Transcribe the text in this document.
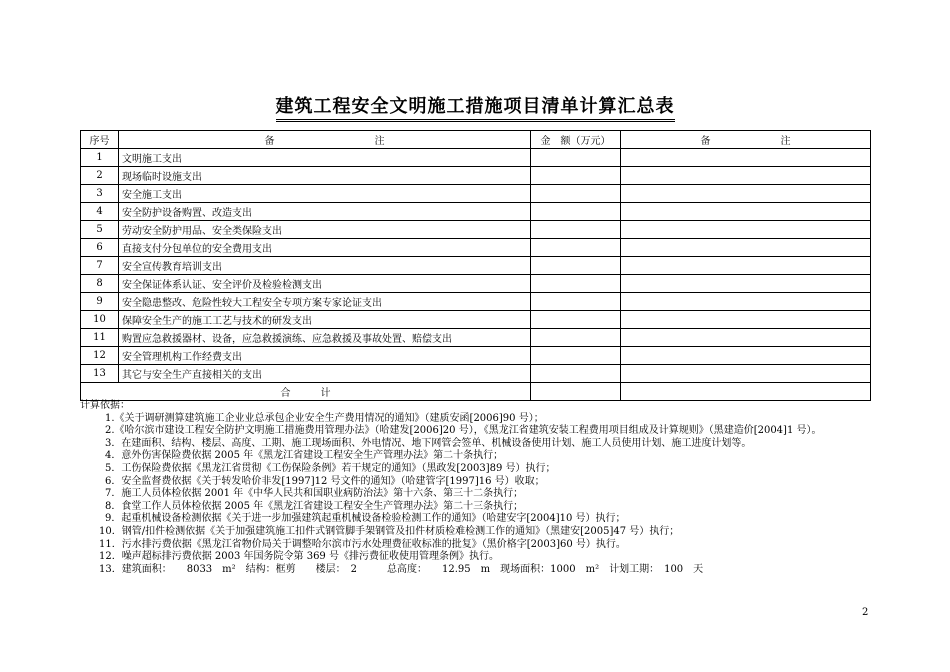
建筑工程安全文明施工措施项目清单计算汇总表
序号	备　　　　　　　　　　注	金　额（万元）	备　　　　　　　注
1	文明施工支出		
2	现场临时设施支出		
3	安全施工支出		
4	安全防护设备购置、改造支出		
5	劳动安全防护用品、安全类保险支出		
6	直接支付分包单位的安全费用支出		
7	安全宣传教育培训支出		
8	安全保证体系认证、安全评价及检验检测支出		
9	安全隐患整改、危险性较大工程安全专项方案专家论证支出		
10	保障安全生产的施工工艺与技术的研发支出		
11	购置应急救援器材、设备，应急救援演练、应急救援及事故处置、赔偿支出		
12	安全管理机构工作经费支出		
13	其它与安全生产直接相关的支出		
合　　　计			
计算依据：
1.《关于调研测算建筑施工企业业总承包企业安全生产费用情况的通知》（建质安函[2006]90 号）；
2.《哈尔滨市建设工程安全防护文明施工措施费用管理办法》（哈建发[2006]20 号），《黑龙江省建筑安装工程费用项目组成及计算规则》（黑建造价[2004]1 号）。
3．在建面积、结构、楼层、高度、工期、施工现场面积、外电情况、地下网管会签单、机械设备使用计划、施工人员使用计划、施工进度计划等。
4．意外伤害保险费依据 2005 年《黑龙江省建设工程安全生产管理办法》第二十条执行；
5．工伤保险费依据《黑龙江省贯彻《工伤保险条例》若干规定的通知》（黑政发[2003]89 号）执行；
6．安全监督费依据《关于转发哈价非发[1997]12 号文件的通知》（哈建管字[1997]16 号）收取；
7．施工人员体检依据 2001 年《中华人民共和国职业病防治法》第十六条、第三十二条执行；
8．食堂工作人员体检依据 2005 年《黑龙江省建设工程安全生产管理办法》第二十三条执行；
9．起重机械设备检测依据《关于进一步加强建筑起重机械设备检验检测工作的通知》（哈建安字[2004]10 号）执行；
10．钢管/扣件检测依据《关于加强建筑施工扣件式钢管脚手架钢管及扣件材质检难检测工作的通知》（黑建安[2005]47 号）执行；
11．污水排污费依据《黑龙江省物价局关于调整哈尔滨市污水处理费征收标准的批复》（黑价格字[2003]60 号）执行。
12．噪声超标排污费依据 2003 年国务院令第 369 号《排污费征收使用管理条例》执行。
13．建筑面积：　　8033　m²　结构：框剪　　楼层：　2　　　总高度：　　12.95　m　现场面积：1000　m²　计划工期：　100　天
2
